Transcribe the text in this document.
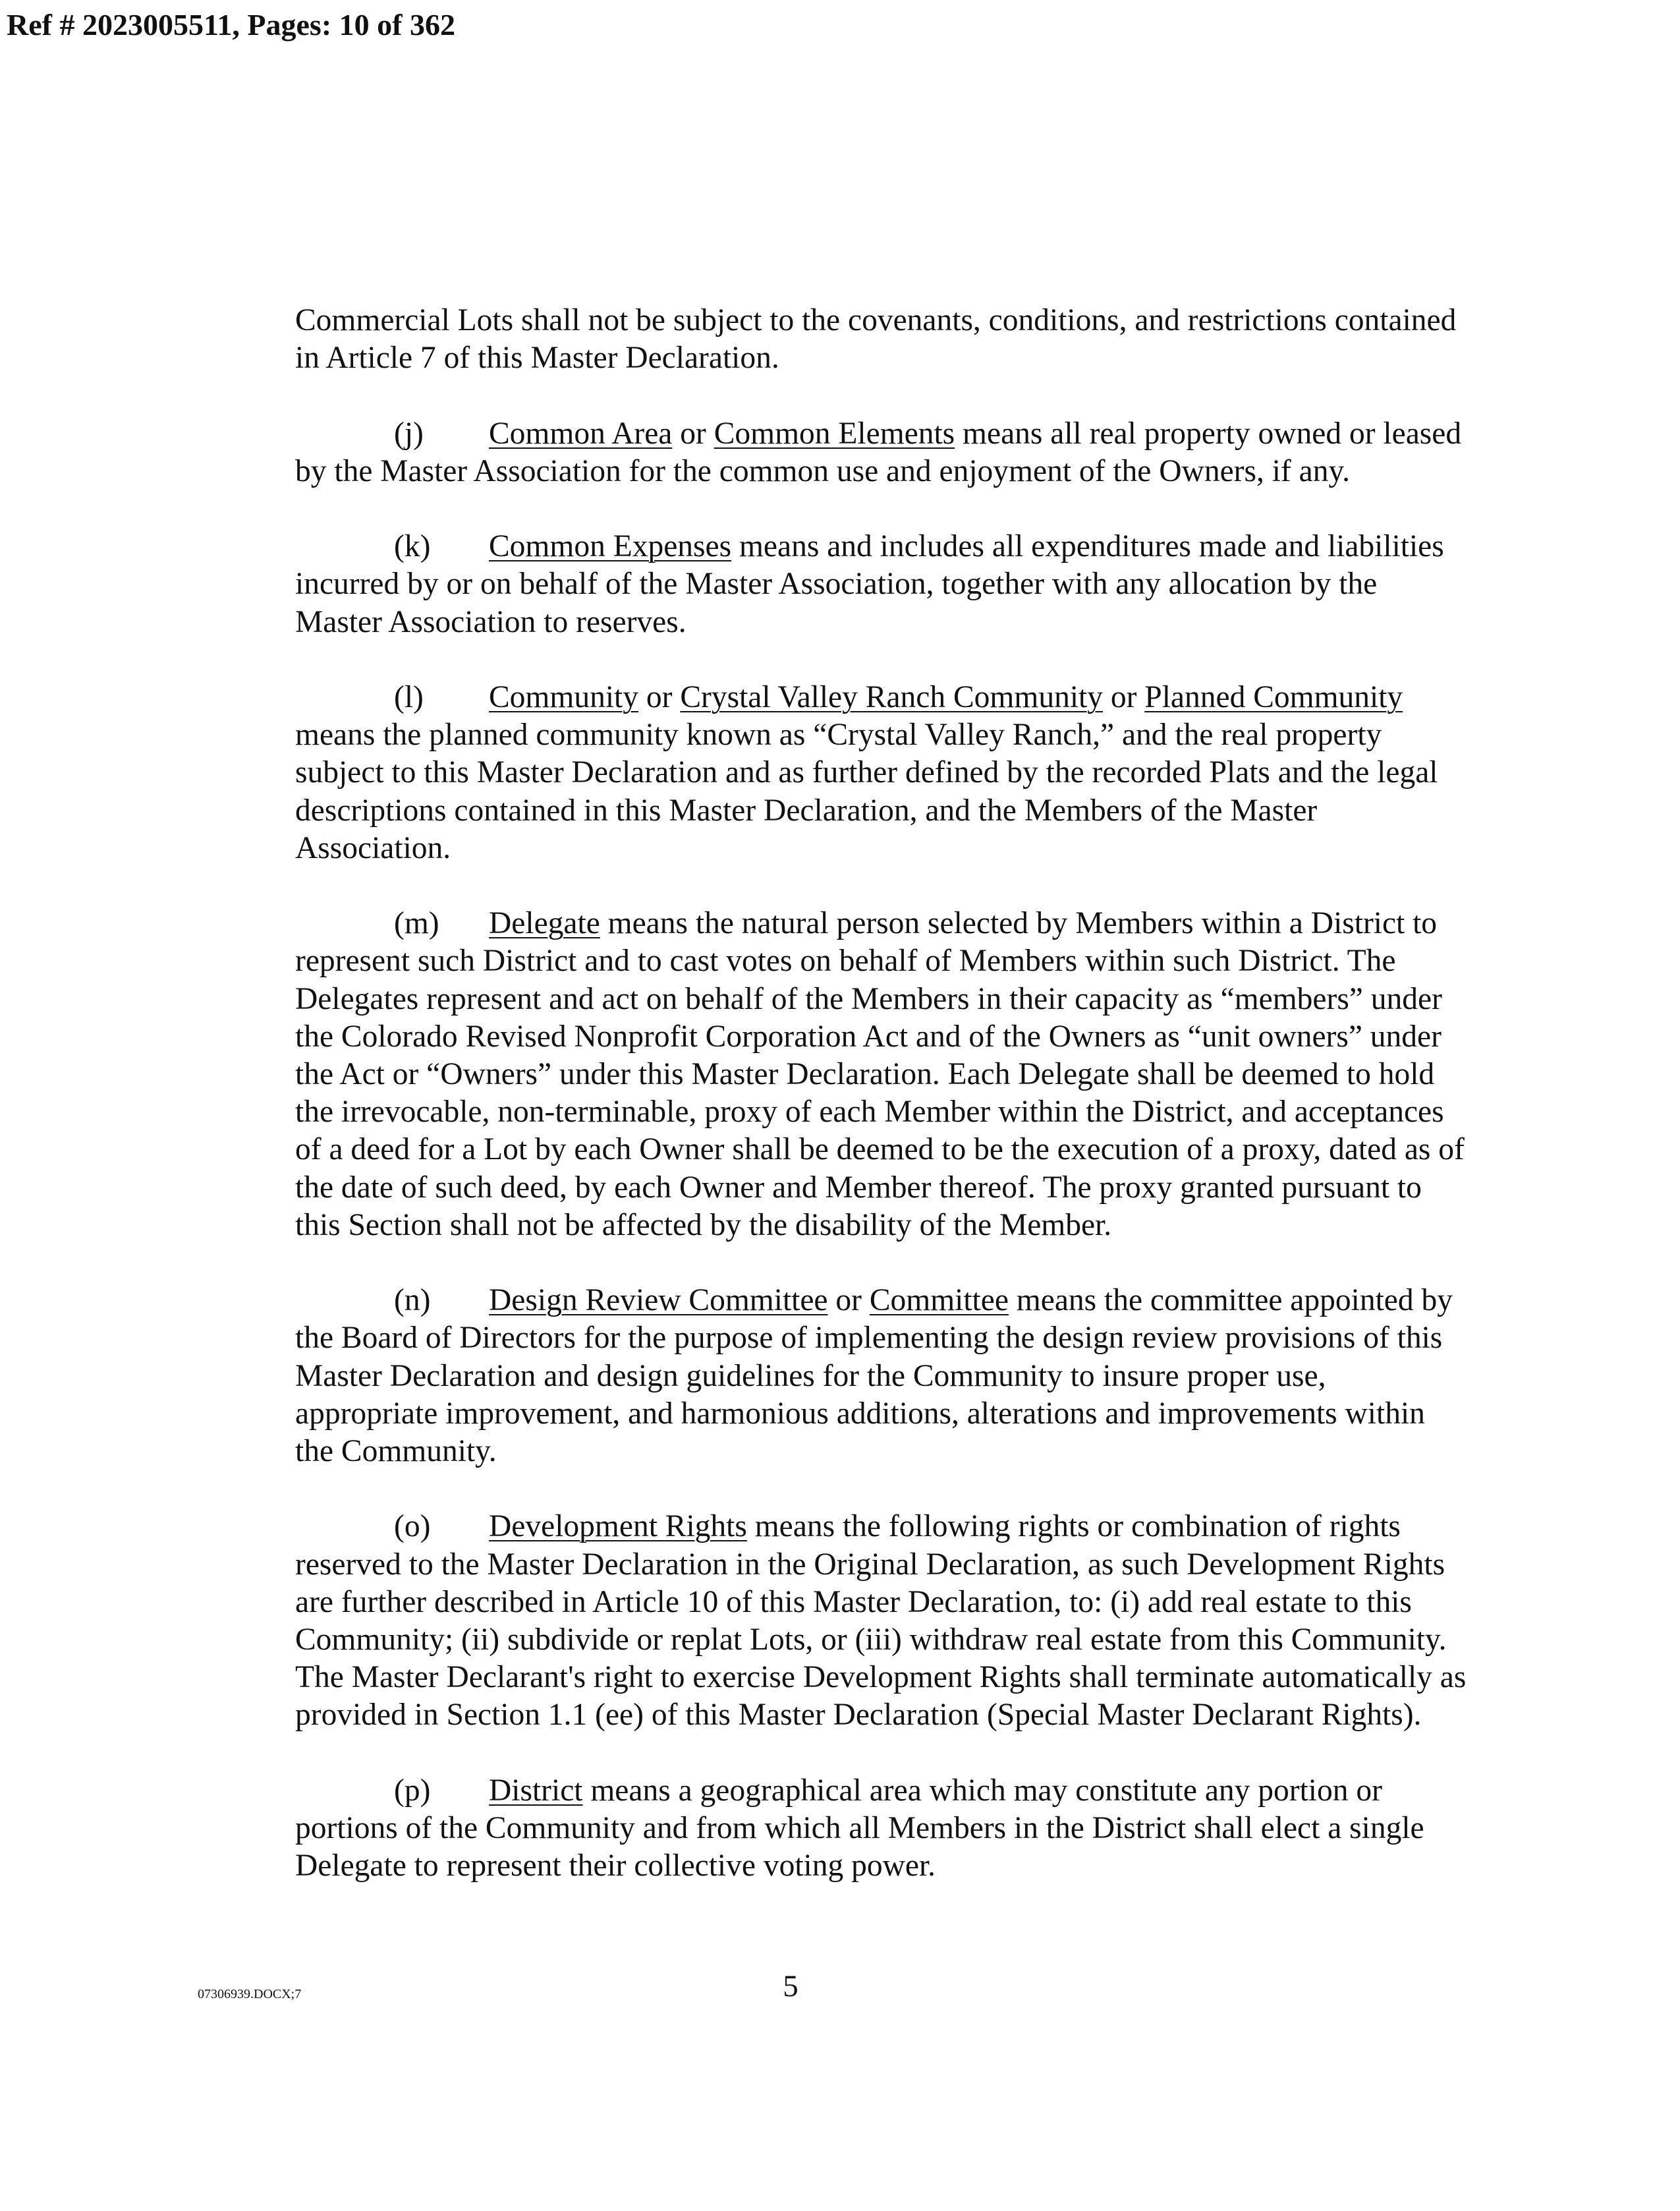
Ref # 2023005511, Pages: 10 of 362
Commercial Lots shall not be subject to the covenants, conditions, and restrictions contained
in Article 7 of this Master Declaration.
(j) Common Area or Common Elements means all real property owned or leased
by the Master Association for the common use and enjoyment of the Owners, if any.
(k) Common Expenses means and includes all expenditures made and liabilities
incurred by or on behalf of the Master Association, together with any allocation by the
Master Association to reserves.
(l) Community or Crystal Valley Ranch Community or Planned Community
means the planned community known as “Crystal Valley Ranch,” and the real property
subject to this Master Declaration and as further defined by the recorded Plats and the legal
descriptions contained in this Master Declaration, and the Members of the Master
Association.
(m) Delegate means the natural person selected by Members within a District to
represent such District and to cast votes on behalf of Members within such District. The
Delegates represent and act on behalf of the Members in their capacity as “members” under
the Colorado Revised Nonprofit Corporation Act and of the Owners as “unit owners” under
the Act or “Owners” under this Master Declaration. Each Delegate shall be deemed to hold
the irrevocable, non-terminable, proxy of each Member within the District, and acceptances
of a deed for a Lot by each Owner shall be deemed to be the execution of a proxy, dated as of
the date of such deed, by each Owner and Member thereof. The proxy granted pursuant to
this Section shall not be affected by the disability of the Member.
(n) Design Review Committee or Committee means the committee appointed by
the Board of Directors for the purpose of implementing the design review provisions of this
Master Declaration and design guidelines for the Community to insure proper use,
appropriate improvement, and harmonious additions, alterations and improvements within
the Community.
(o) Development Rights means the following rights or combination of rights
reserved to the Master Declaration in the Original Declaration, as such Development Rights
are further described in Article 10 of this Master Declaration, to: (i) add real estate to this
Community; (ii) subdivide or replat Lots, or (iii) withdraw real estate from this Community.
The Master Declarant's right to exercise Development Rights shall terminate automatically as
provided in Section 1.1 (ee) of this Master Declaration (Special Master Declarant Rights).
(p) District means a geographical area which may constitute any portion or
portions of the Community and from which all Members in the District shall elect a single
Delegate to represent their collective voting power.
07306939.DOCX;7	5
